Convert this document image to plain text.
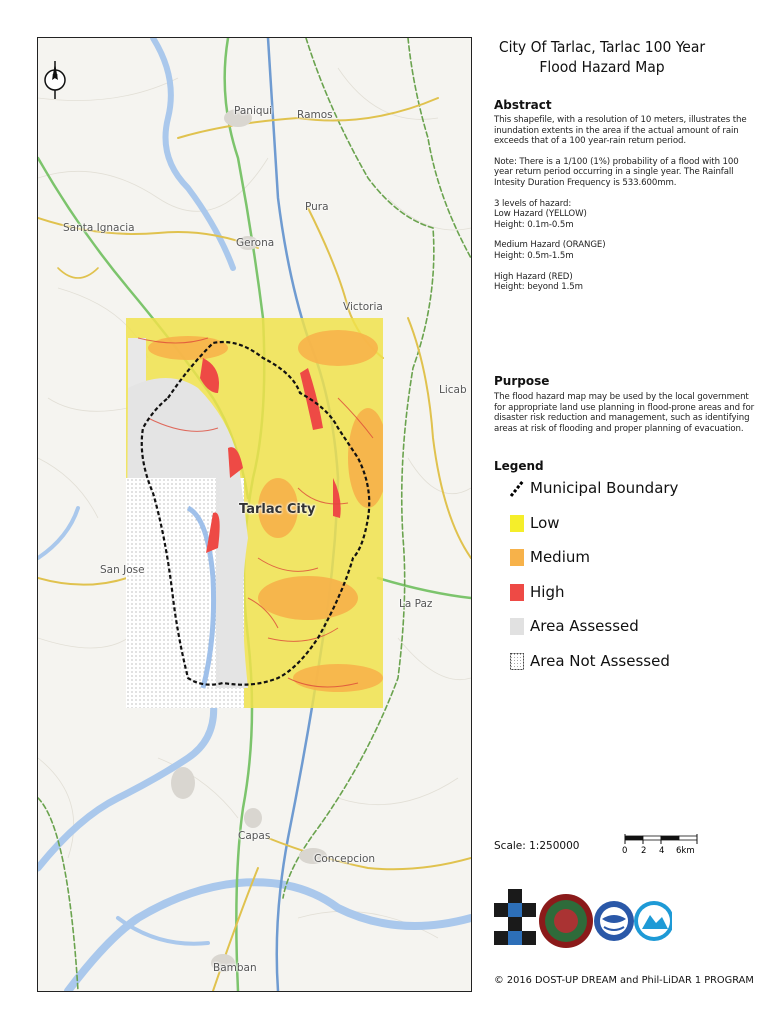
Paniqui Ramos
Santa Ignacia
Pura
Gerona
Victoria
Licab
Tarlac City
San Jose
La Paz
Capas
Concepcion
Bamban
N
City Of Tarlac, Tarlac 100 Year Flood Hazard Map
Abstract
This shapefile, with a resolution of 10 meters, illustrates the inundation extents in the area if the actual amount of rain exceeds that of a 100 year-rain return period.
Note: There is a 1/100 (1%) probability of a flood with 100 year return period occurring in a single year. The Rainfall Intesity Duration Frequency is 533.600mm.
3 levels of hazard:
Low Hazard (YELLOW)
Height: 0.1m-0.5m
Medium Hazard (ORANGE)
Height: 0.5m-1.5m
High Hazard (RED)
Height: beyond 1.5m
Purpose
The flood hazard map may be used by the local government for appropriate land use planning in flood-prone areas and for disaster risk reduction and management, such as identifying areas at risk of flooding and proper planning of evacuation.
Legend
Municipal Boundary
Low
Medium
High
Area Assessed
Area Not Assessed
Scale: 1:250000	0 2 4 6km
© 2016 DOST-UP DREAM and Phil-LiDAR 1 PROGRAM
